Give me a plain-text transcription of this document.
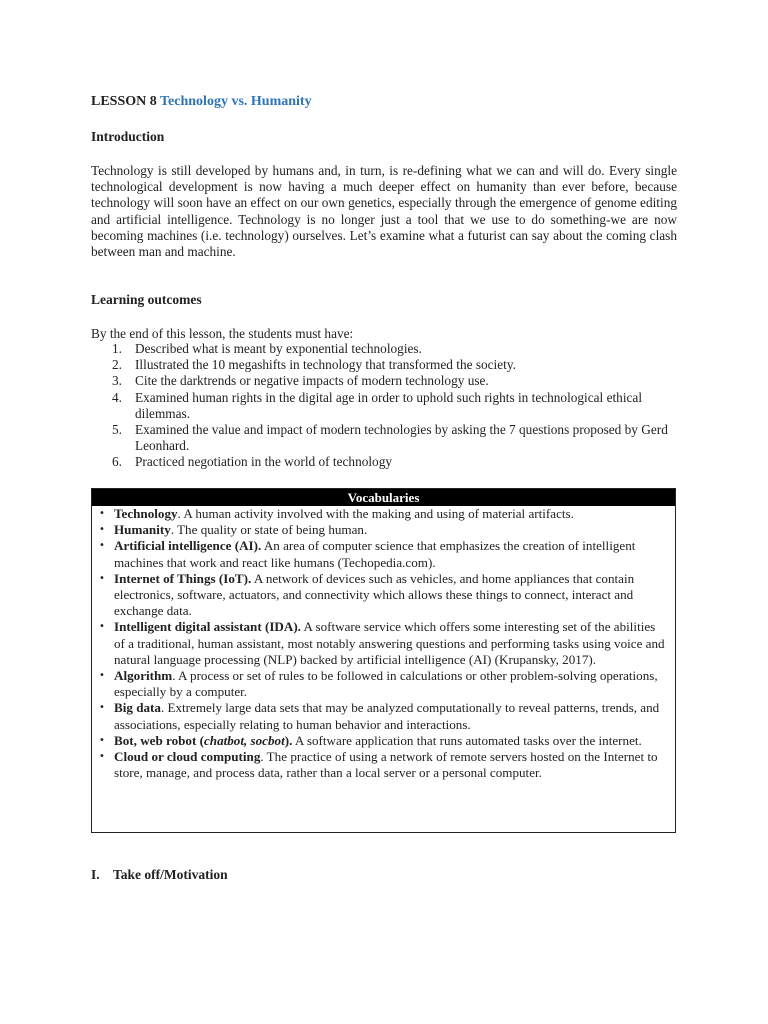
LESSON 8 Technology vs. Humanity
Introduction
Technology is still developed by humans and, in turn, is re-defining what we can and will do. Every single technological development is now having a much deeper effect on humanity than ever before, because technology will soon have an effect on our own genetics, especially through the emergence of genome editing and artificial intelligence. Technology is no longer just a tool that we use to do something-we are now becoming machines (i.e. technology) ourselves. Let’s examine what a futurist can say about the coming clash between man and machine.
Learning outcomes
By the end of this lesson, the students must have:
1. Described what is meant by exponential technologies.
2. Illustrated the 10 megashifts in technology that transformed the society.
3. Cite the darktrends or negative impacts of modern technology use.
4. Examined human rights in the digital age in order to uphold such rights in technological ethical dilemmas.
5. Examined the value and impact of modern technologies by asking the 7 questions proposed by Gerd Leonhard.
6. Practiced negotiation in the world of technology
Vocabularies
• Technology. A human activity involved with the making and using of material artifacts.
• Humanity. The quality or state of being human.
• Artificial intelligence (AI). An area of computer science that emphasizes the creation of intelligent machines that work and react like humans (Techopedia.com).
• Internet of Things (IoT). A network of devices such as vehicles, and home appliances that contain electronics, software, actuators, and connectivity which allows these things to connect, interact and exchange data.
• Intelligent digital assistant (IDA). A software service which offers some interesting set of the abilities of a traditional, human assistant, most notably answering questions and performing tasks using voice and natural language processing (NLP) backed by artificial intelligence (AI) (Krupansky, 2017).
• Algorithm. A process or set of rules to be followed in calculations or other problem-solving operations, especially by a computer.
• Big data. Extremely large data sets that may be analyzed computationally to reveal patterns, trends, and associations, especially relating to human behavior and interactions.
• Bot, web robot (chatbot, socbot). A software application that runs automated tasks over the internet.
• Cloud or cloud computing. The practice of using a network of remote servers hosted on the Internet to store, manage, and process data, rather than a local server or a personal computer.
I. Take off/Motivation
